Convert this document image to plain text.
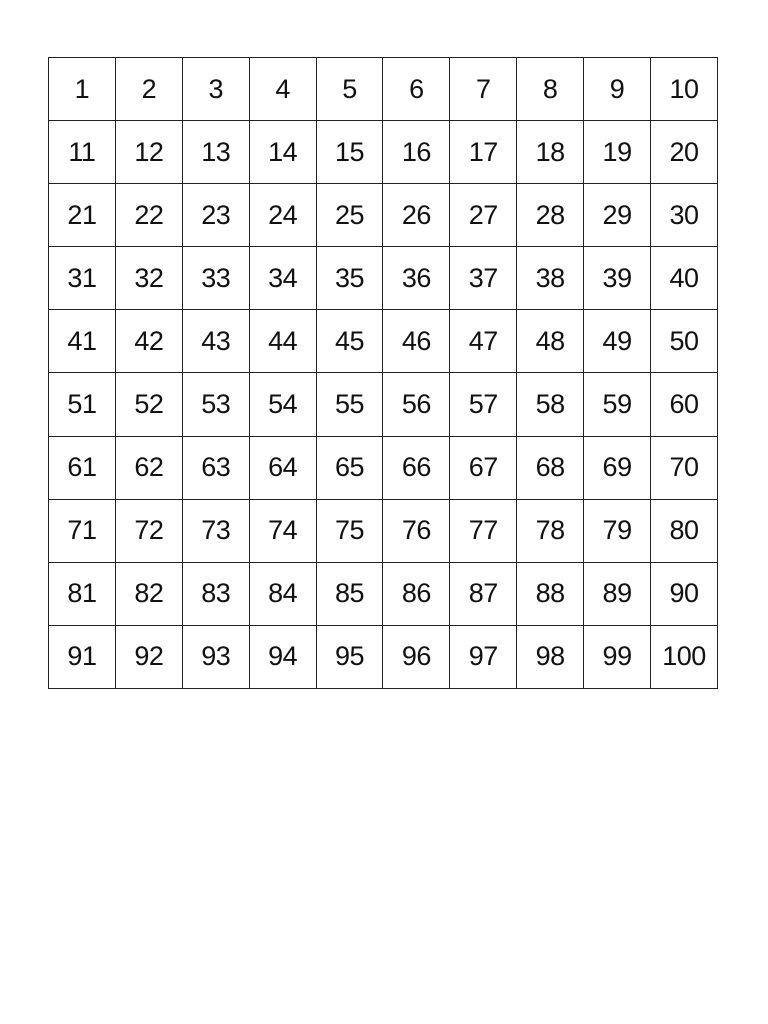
1	2	3	4	5	6	7	8	9	10
11	12	13	14	15	16	17	18	19	20
21	22	23	24	25	26	27	28	29	30
31	32	33	34	35	36	37	38	39	40
41	42	43	44	45	46	47	48	49	50
51	52	53	54	55	56	57	58	59	60
61	62	63	64	65	66	67	68	69	70
71	72	73	74	75	76	77	78	79	80
81	82	83	84	85	86	87	88	89	90
91	92	93	94	95	96	97	98	99	100
